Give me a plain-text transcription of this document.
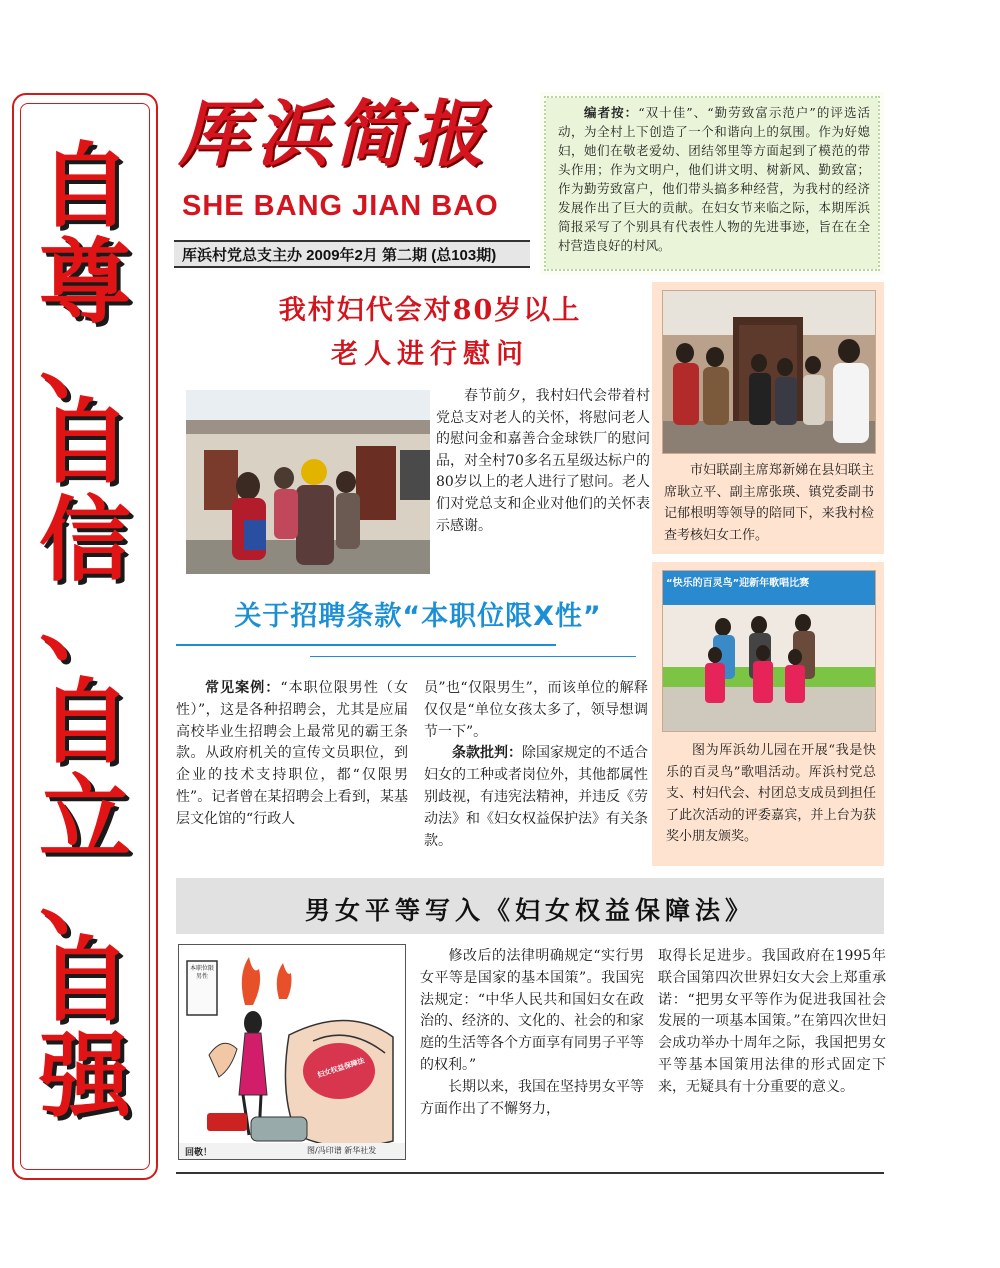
自
尊
、
自
信
、
自
立
、
自
强
厍浜简报
SHE BANG JIAN BAO
厍浜村党总支主办 2009年2月 第二期 (总103期)
编者按：“双十佳”、“勤劳致富示范户”的评选活动，为全村上下创造了一个和谐向上的氛围。作为好媳妇，她们在敬老爱幼、团结邻里等方面起到了模范的带头作用；作为文明户，他们讲文明、树新风、勤致富；作为勤劳致富户，他们带头搞多种经营，为我村的经济发展作出了巨大的贡献。在妇女节来临之际，本期厍浜简报采写了个别具有代表性人物的先进事迹，旨在在全村营造良好的村风。
我村妇代会对80岁以上
老人进行慰问
春节前夕，我村妇代会带着村党总支对老人的关怀，将慰问老人的慰问金和嘉善合金球铁厂的慰问品，对全村70多名五星级达标户的80岁以上的老人进行了慰问。老人们对党总支和企业对他们的关怀表示感谢。
关于招聘条款“本职位限X性”
常见案例：“本职位限男性（女性）”，这是各种招聘会，尤其是应届高校毕业生招聘会上最常见的霸王条款。从政府机关的宣传文员职位，到企业的技术支持职位，都“仅限男性”。记者曾在某招聘会上看到，某基层文化馆的“行政人
员”也“仅限男生”，而该单位的解释仅仅是“单位女孩太多了，领导想调节一下”。
条款批判：除国家规定的不适合妇女的工种或者岗位外，其他都属性别歧视，有违宪法精神，并违反《劳动法》和《妇女权益保护法》有关条款。
市妇联副主席郑新娣在县妇联主席耿立平、副主席张瑛、镇党委副书记郁根明等领导的陪同下，来我村检查考核妇女工作。
“快乐的百灵鸟”迎新年歌唱比赛
图为厍浜幼儿园在开展“我是快乐的百灵鸟”歌唱活动。厍浜村党总支、村妇代会、村团总支成员到担任了此次活动的评委嘉宾，并上台为获奖小朋友颁奖。
男女平等写入《妇女权益保障法》
本职位限男性
妇女权益保障法
回敬！	图/冯印谱 新华社发

修改后的法律明确规定“实行男女平等是国家的基本国策”。我国宪法规定：“中华人民共和国妇女在政治的、经济的、文化的、社会的和家庭的生活等各个方面享有同男子平等的权利。”

长期以来，我国在坚持男女平等方面作出了不懈努力，

取得长足进步。我国政府在1995年联合国第四次世界妇女大会上郑重承诺：“把男女平等作为促进我国社会发展的一项基本国策。”在第四次世妇会成功举办十周年之际，我国把男女平等基本国策用法律的形式固定下来，无疑具有十分重要的意义。
